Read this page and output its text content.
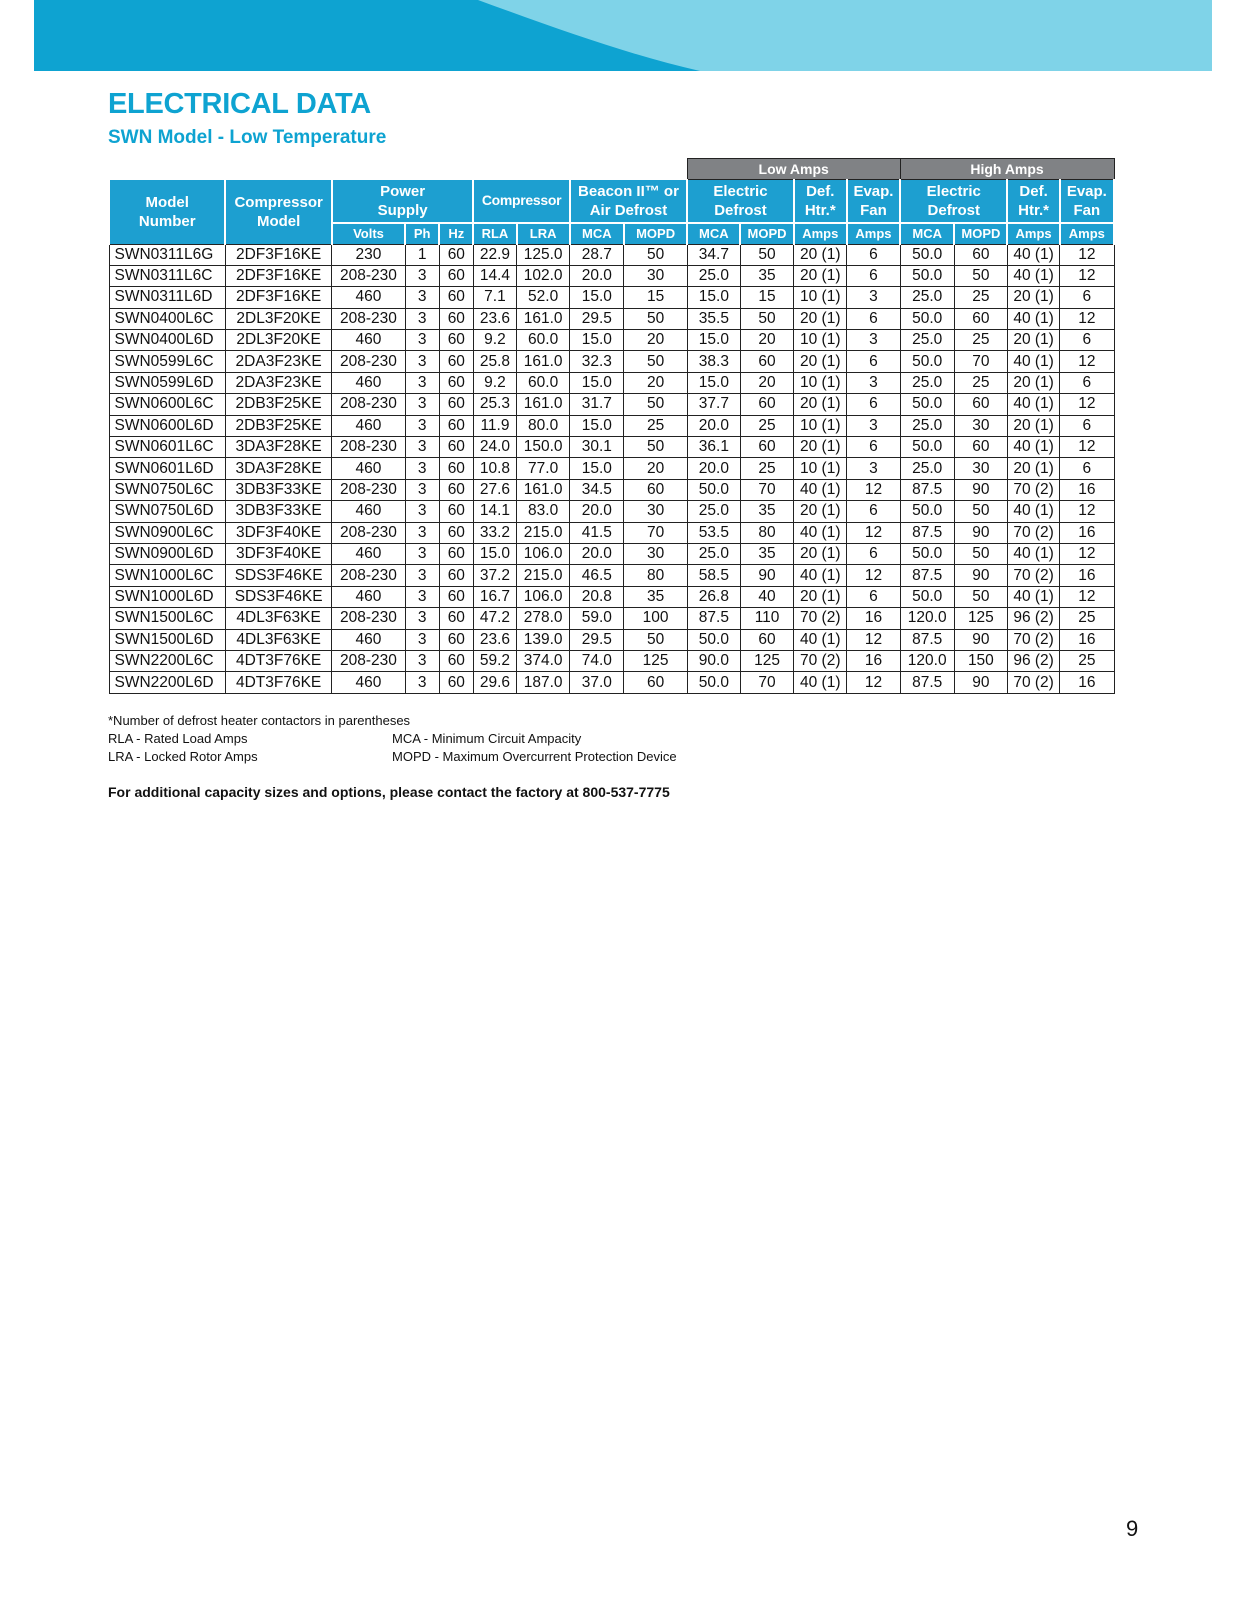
ELECTRICAL DATA
SWN Model - Low Temperature
									Low Amps				High Amps			
Model Number	Compressor Model	Power Supply			Compressor		Beacon II™ or Air Defrost		Electric Defrost		Def. Htr.*	Evap. Fan	Electric Defrost		Def. Htr.*	Evap. Fan
		Volts	Ph	Hz	RLA	LRA	MCA	MOPD	MCA	MOPD	Amps	Amps	MCA	MOPD	Amps	Amps
SWN0311L6G	2DF3F16KE	230	1	60	22.9	125.0	28.7	50	34.7	50	20 (1)	6	50.0	60	40 (1)	12
SWN0311L6C	2DF3F16KE	208-230	3	60	14.4	102.0	20.0	30	25.0	35	20 (1)	6	50.0	50	40 (1)	12
SWN0311L6D	2DF3F16KE	460	3	60	7.1	52.0	15.0	15	15.0	15	10 (1)	3	25.0	25	20 (1)	6
SWN0400L6C	2DL3F20KE	208-230	3	60	23.6	161.0	29.5	50	35.5	50	20 (1)	6	50.0	60	40 (1)	12
SWN0400L6D	2DL3F20KE	460	3	60	9.2	60.0	15.0	20	15.0	20	10 (1)	3	25.0	25	20 (1)	6
SWN0599L6C	2DA3F23KE	208-230	3	60	25.8	161.0	32.3	50	38.3	60	20 (1)	6	50.0	70	40 (1)	12
SWN0599L6D	2DA3F23KE	460	3	60	9.2	60.0	15.0	20	15.0	20	10 (1)	3	25.0	25	20 (1)	6
SWN0600L6C	2DB3F25KE	208-230	3	60	25.3	161.0	31.7	50	37.7	60	20 (1)	6	50.0	60	40 (1)	12
SWN0600L6D	2DB3F25KE	460	3	60	11.9	80.0	15.0	25	20.0	25	10 (1)	3	25.0	30	20 (1)	6
SWN0601L6C	3DA3F28KE	208-230	3	60	24.0	150.0	30.1	50	36.1	60	20 (1)	6	50.0	60	40 (1)	12
SWN0601L6D	3DA3F28KE	460	3	60	10.8	77.0	15.0	20	20.0	25	10 (1)	3	25.0	30	20 (1)	6
SWN0750L6C	3DB3F33KE	208-230	3	60	27.6	161.0	34.5	60	50.0	70	40 (1)	12	87.5	90	70 (2)	16
SWN0750L6D	3DB3F33KE	460	3	60	14.1	83.0	20.0	30	25.0	35	20 (1)	6	50.0	50	40 (1)	12
SWN0900L6C	3DF3F40KE	208-230	3	60	33.2	215.0	41.5	70	53.5	80	40 (1)	12	87.5	90	70 (2)	16
SWN0900L6D	3DF3F40KE	460	3	60	15.0	106.0	20.0	30	25.0	35	20 (1)	6	50.0	50	40 (1)	12
SWN1000L6C	SDS3F46KE	208-230	3	60	37.2	215.0	46.5	80	58.5	90	40 (1)	12	87.5	90	70 (2)	16
SWN1000L6D	SDS3F46KE	460	3	60	16.7	106.0	20.8	35	26.8	40	20 (1)	6	50.0	50	40 (1)	12
SWN1500L6C	4DL3F63KE	208-230	3	60	47.2	278.0	59.0	100	87.5	110	70 (2)	16	120.0	125	96 (2)	25
SWN1500L6D	4DL3F63KE	460	3	60	23.6	139.0	29.5	50	50.0	60	40 (1)	12	87.5	90	70 (2)	16
SWN2200L6C	4DT3F76KE	208-230	3	60	59.2	374.0	74.0	125	90.0	125	70 (2)	16	120.0	150	96 (2)	25
SWN2200L6D	4DT3F76KE	460	3	60	29.6	187.0	37.0	60	50.0	70	40 (1)	12	87.5	90	70 (2)	16
*Number of defrost heater contactors in parentheses
RLA - Rated Load Amps
LRA - Locked Rotor Amps
MCA - Minimum Circuit Ampacity
MOPD - Maximum Overcurrent Protection Device
For additional capacity sizes and options, please contact the factory at 800-537-7775
9
